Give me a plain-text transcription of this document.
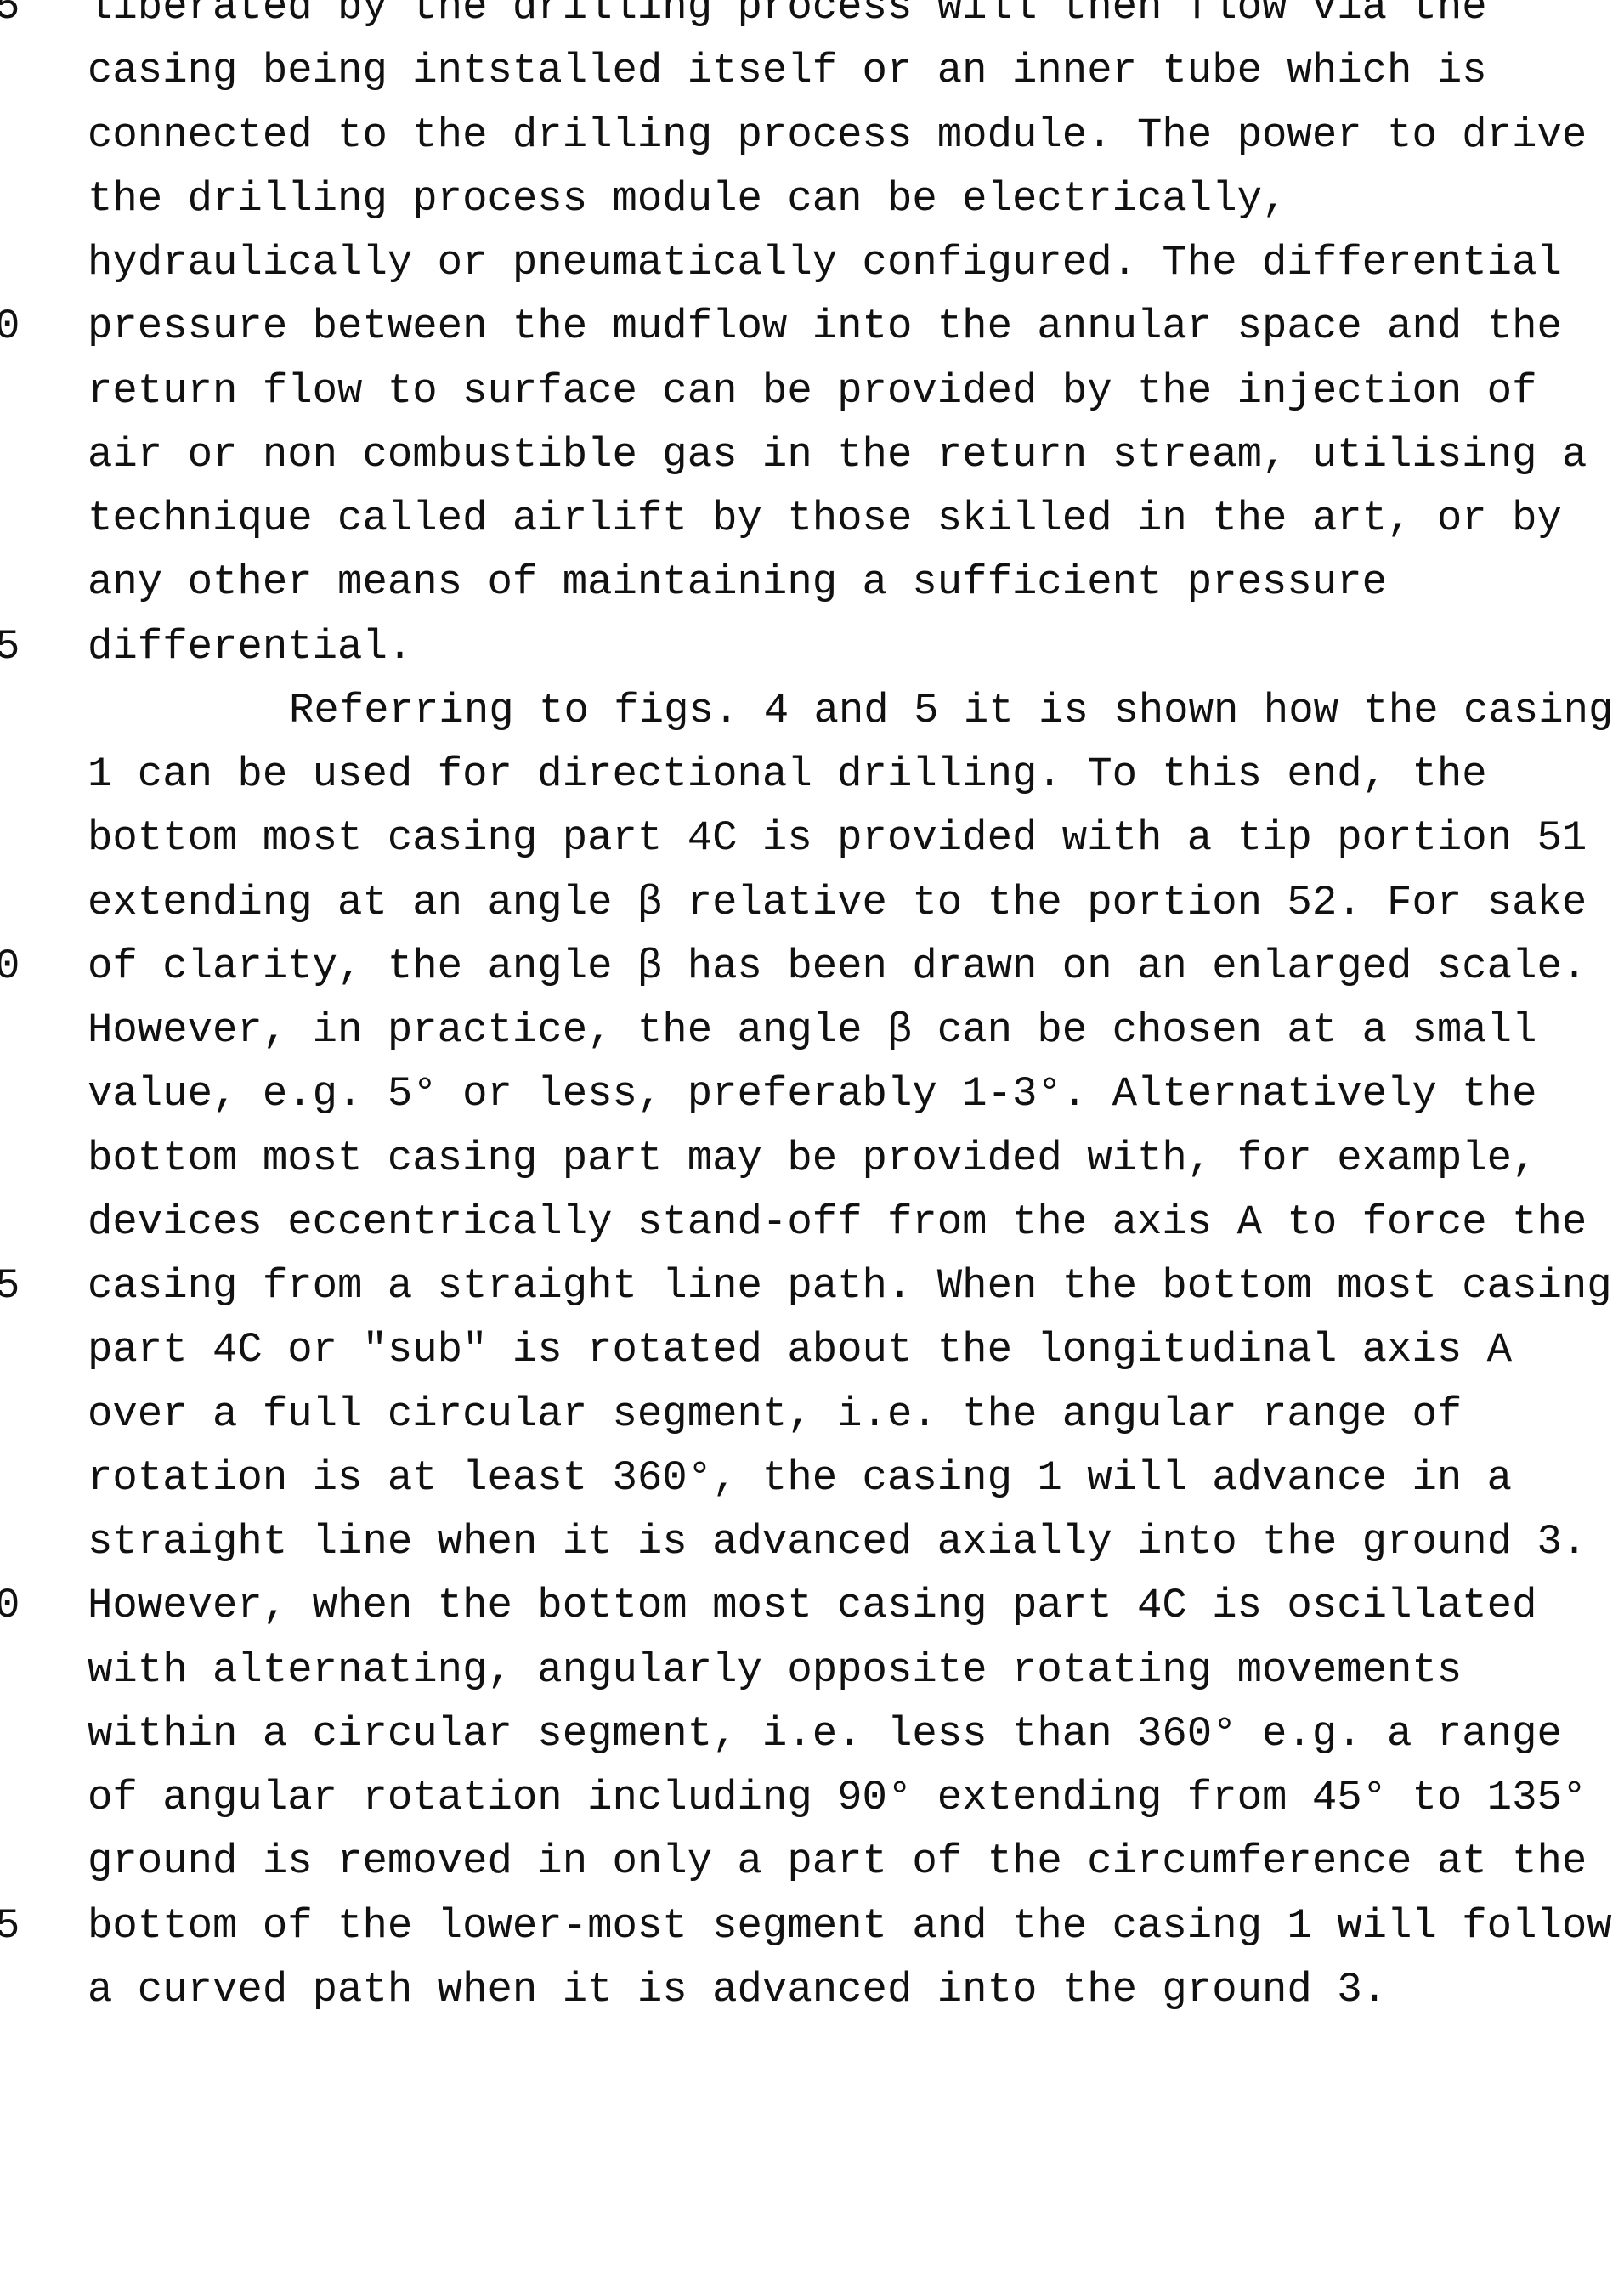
5 liberated by the drilling process will then flow via the
casing being intstalled itself or an inner tube which is
connected to the drilling process module. The power to drive
the drilling process module can be electrically,
hydraulically or pneumatically configured. The differential
0 pressure between the mudflow into the annular space and the
return flow to surface can be provided by the injection of
air or non combustible gas in the return stream, utilising a
technique called airlift by those skilled in the art, or by
any other means of maintaining a sufficient pressure
5 differential.
Referring to figs. 4 and 5 it is shown how the casing
1 can be used for directional drilling. To this end, the
bottom most casing part 4C is provided with a tip portion 51
extending at an angle β relative to the portion 52. For sake
0 of clarity, the angle β has been drawn on an enlarged scale.
However, in practice, the angle β can be chosen at a small
value, e.g. 5° or less, preferably 1-3°. Alternatively the
bottom most casing part may be provided with, for example,
devices eccentrically stand-off from the axis A to force the
5 casing from a straight line path. When the bottom most casing
part 4C or "sub" is rotated about the longitudinal axis A
over a full circular segment, i.e. the angular range of
rotation is at least 360°, the casing 1 will advance in a
straight line when it is advanced axially into the ground 3.
0 However, when the bottom most casing part 4C is oscillated
with alternating, angularly opposite rotating movements
within a circular segment, i.e. less than 360° e.g. a range
of angular rotation including 90° extending from 45° to 135°
ground is removed in only a part of the circumference at the
5 bottom of the lower-most segment and the casing 1 will follow
a curved path when it is advanced into the ground 3.
